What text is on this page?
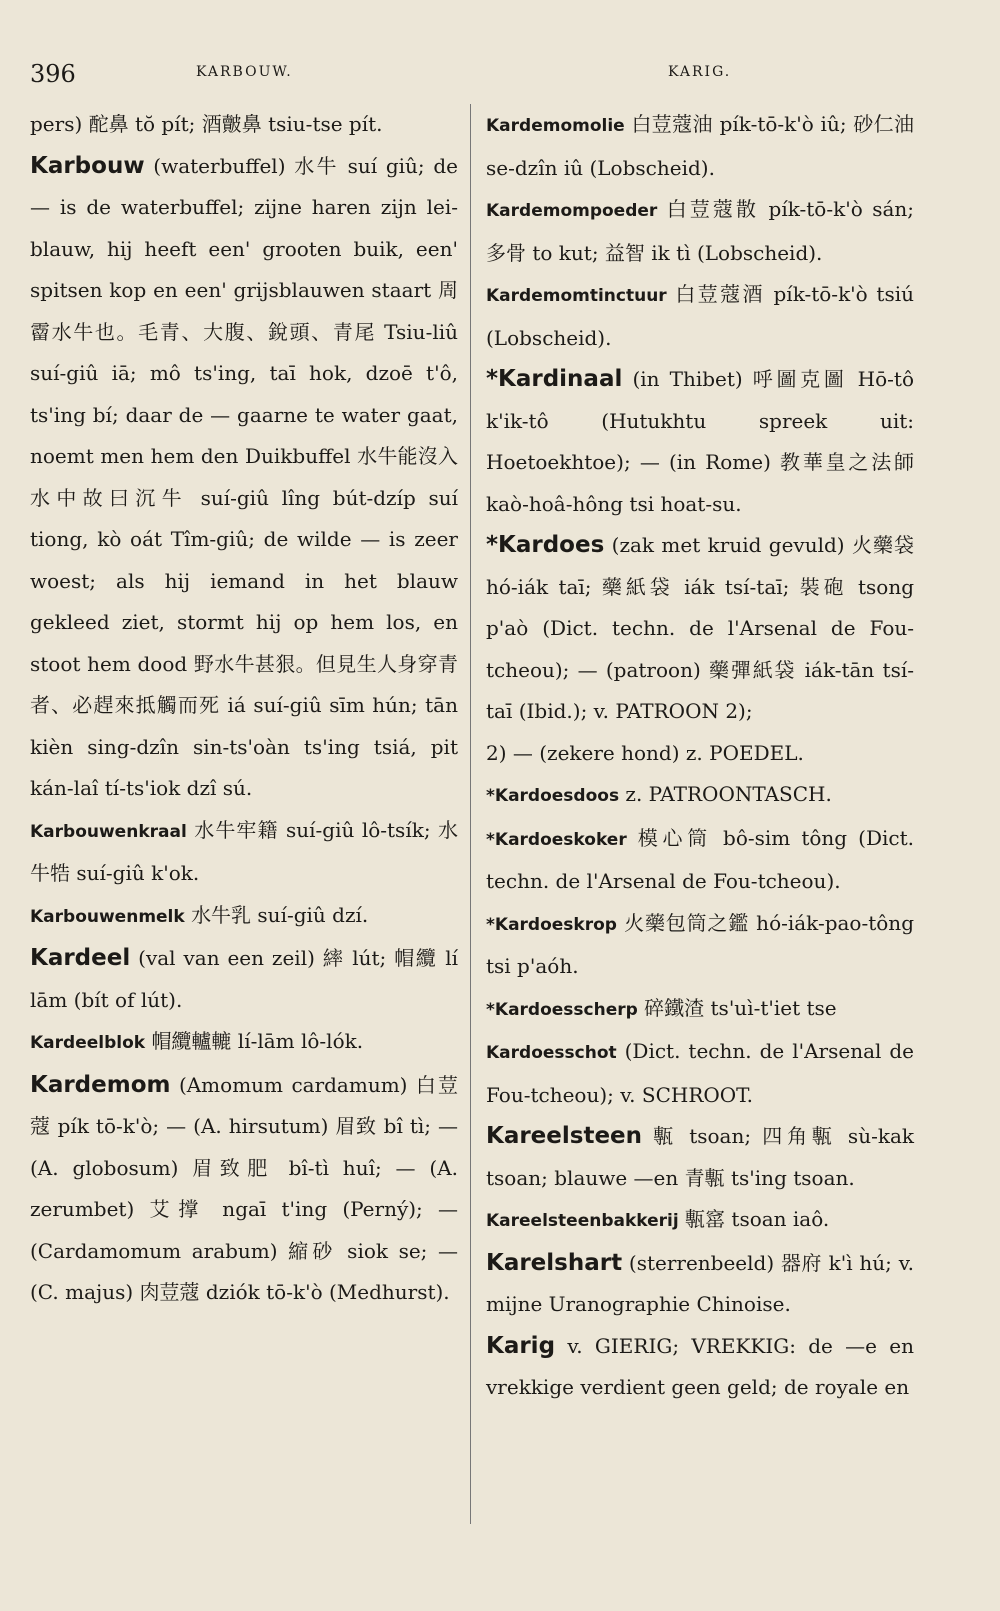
396	KARBOUW.	KARIG.

pers) 酡鼻 tŏ pít; 酒皾鼻 tsiu-tse pít.

Karbouw (waterbuffel) 水牛 suí giû; de — is de waterbuffel; zijne haren zijn lei-blauw, hij heeft een' grooten buik, een' spitsen kop en een' grijsblauwen staart 周霤水牛也。毛青、大腹、銳頭、青尾 Tsiu-liû suí-giû iā; mô ts'ing, taī hok, dzoē t'ô, ts'ing bí; daar de — gaarne te water gaat, noemt men hem den Duikbuffel 水牛能沒入水中故曰沉牛 suí-giû lîng bút-dzíp suí tiong, kò oát Tîm-giû; de wilde — is zeer woest; als hij iemand in het blauw gekleed ziet, stormt hij op hem los, en stoot hem dood 野水牛甚狠。但見生人身穿青者、必趕來抵觸而死 iá suí-giû sīm hún; tān kièn sing-dzîn sin-ts'oàn ts'ing tsiá, pit kán-laî tí-ts'iok dzî sú.

Karbouwenkraal 水牛牢籍 suí-giû lô-tsík; 水牛牿 suí-giû k'ok.

Karbouwenmelk 水牛乳 suí-giû dzí.

Kardeel (val van een zeil) 繂 lút; 帽纜 lí lām (bít of lút).

Kardeelblok 帽纜轤轆 lí-lām lô-lók.

Kardemom (Amomum cardamum) 白荳蔻 pík tō-k'ò; — (A. hirsutum) 眉致 bî tì; — (A. globosum) 眉致肥 bî-tì huî; — (A. zerumbet) 艾撑 ngaī t'ing (Perný); — (Cardamomum arabum) 縮砂 siok se; — (C. majus) 肉荳蔻 dziók tō-k'ò (Medhurst).

Kardemomolie 白荳蔻油 pík-tō-k'ò iû; 砂仁油 se-dzîn iû (Lobscheid).

Kardemompoeder 白荳蔻散 pík-tō-k'ò sán; 多骨 to kut; 益智 ik tì (Lobscheid).

Kardemomtinctuur 白荳蔻酒 pík-tō-k'ò tsiú (Lobscheid).

*Kardinaal (in Thibet) 呼圖克圖 Hō-tô k'ik-tô (Hutukhtu spreek uit: Hoetoekhtoe); — (in Rome) 教華皇之法師 kaò-hoâ-hông tsi hoat-su.

*Kardoes (zak met kruid gevuld) 火藥袋 hó-iák taī; 藥紙袋 iák tsí-taī; 裝砲 tsong p'aò (Dict. techn. de l'Arsenal de Fou-tcheou); — (patroon) 藥彈紙袋 iák-tān tsí-taī (Ibid.); v. PATROON 2);

2) — (zekere hond) z. POEDEL.

*Kardoesdoos z. PATROONTASCH.

*Kardoeskoker 模心筒 bô-sim tông (Dict. techn. de l'Arsenal de Fou-tcheou).

*Kardoeskrop 火藥包筒之鑑 hó-iák-pao-tông tsi p'aóh.

*Kardoesscherp 碎鐵渣 ts'uì-t'iet tse

Kardoesschot (Dict. techn. de l'Arsenal de Fou-tcheou); v. SCHROOT.

Kareelsteen 甎 tsoan; 四角甎 sù-kak tsoan; blauwe —en 青甎 ts'ing tsoan.

Kareelsteenbakkerij 甎窰 tsoan iaô.

Karelshart (sterrenbeeld) 器府 k'ì hú; v. mijne Uranographie Chinoise.

Karig v. GIERIG; VREKKIG: de —e en vrekkige verdient geen geld; de royale en
